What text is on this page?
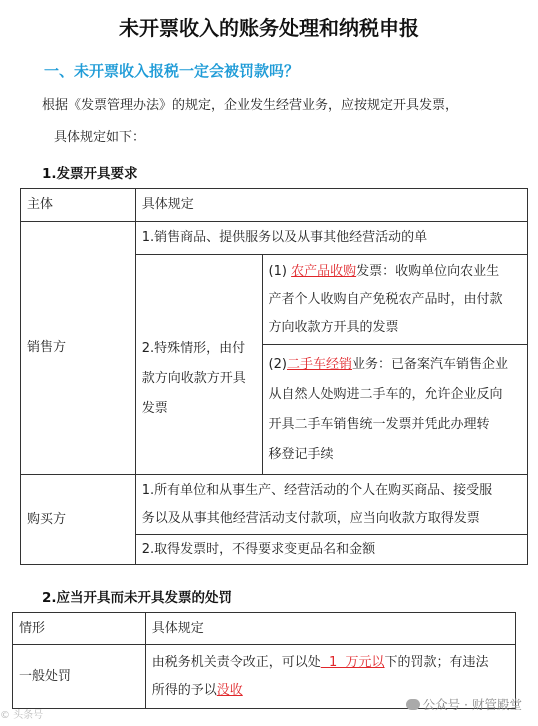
未开票收入的账务处理和纳税申报
一、未开票收入报税一定会被罚款吗？
根据《发票管理办法》的规定，企业发生经营业务，应按规定开具发票，
具体规定如下：
1.发票开具要求
主体	具体规定	
销售方	1.销售商品、提供服务以及从事其他经营活动的单	

	2.特殊情形，由付
款方向收款方开具
发票	(1) 农产品收购发票：收购单位向农业生
产者个人收购自产免税农产品时，由付款
方向收款方开具的发票
		(2)二手车经销业务：已备案汽车销售企业
从自然人处购进二手车的，允许企业反向
开具二手车销售统一发票并凭此办理转
移登记手续
购买方	1.所有单位和从事生产、经营活动的个人在购买商品、接受服
务以及从事其他经营活动支付款项，应当向收款方取得发票	
	2.取得发票时，不得要求变更品名和金额	
2.应当开具而未开具发票的处罚
情形	具体规定
一般处罚	由税务机关责令改正，可以处  1  万元以下的罚款；有违法
所得的予以没收
公众号 · 财管殿堂
© 头条号
